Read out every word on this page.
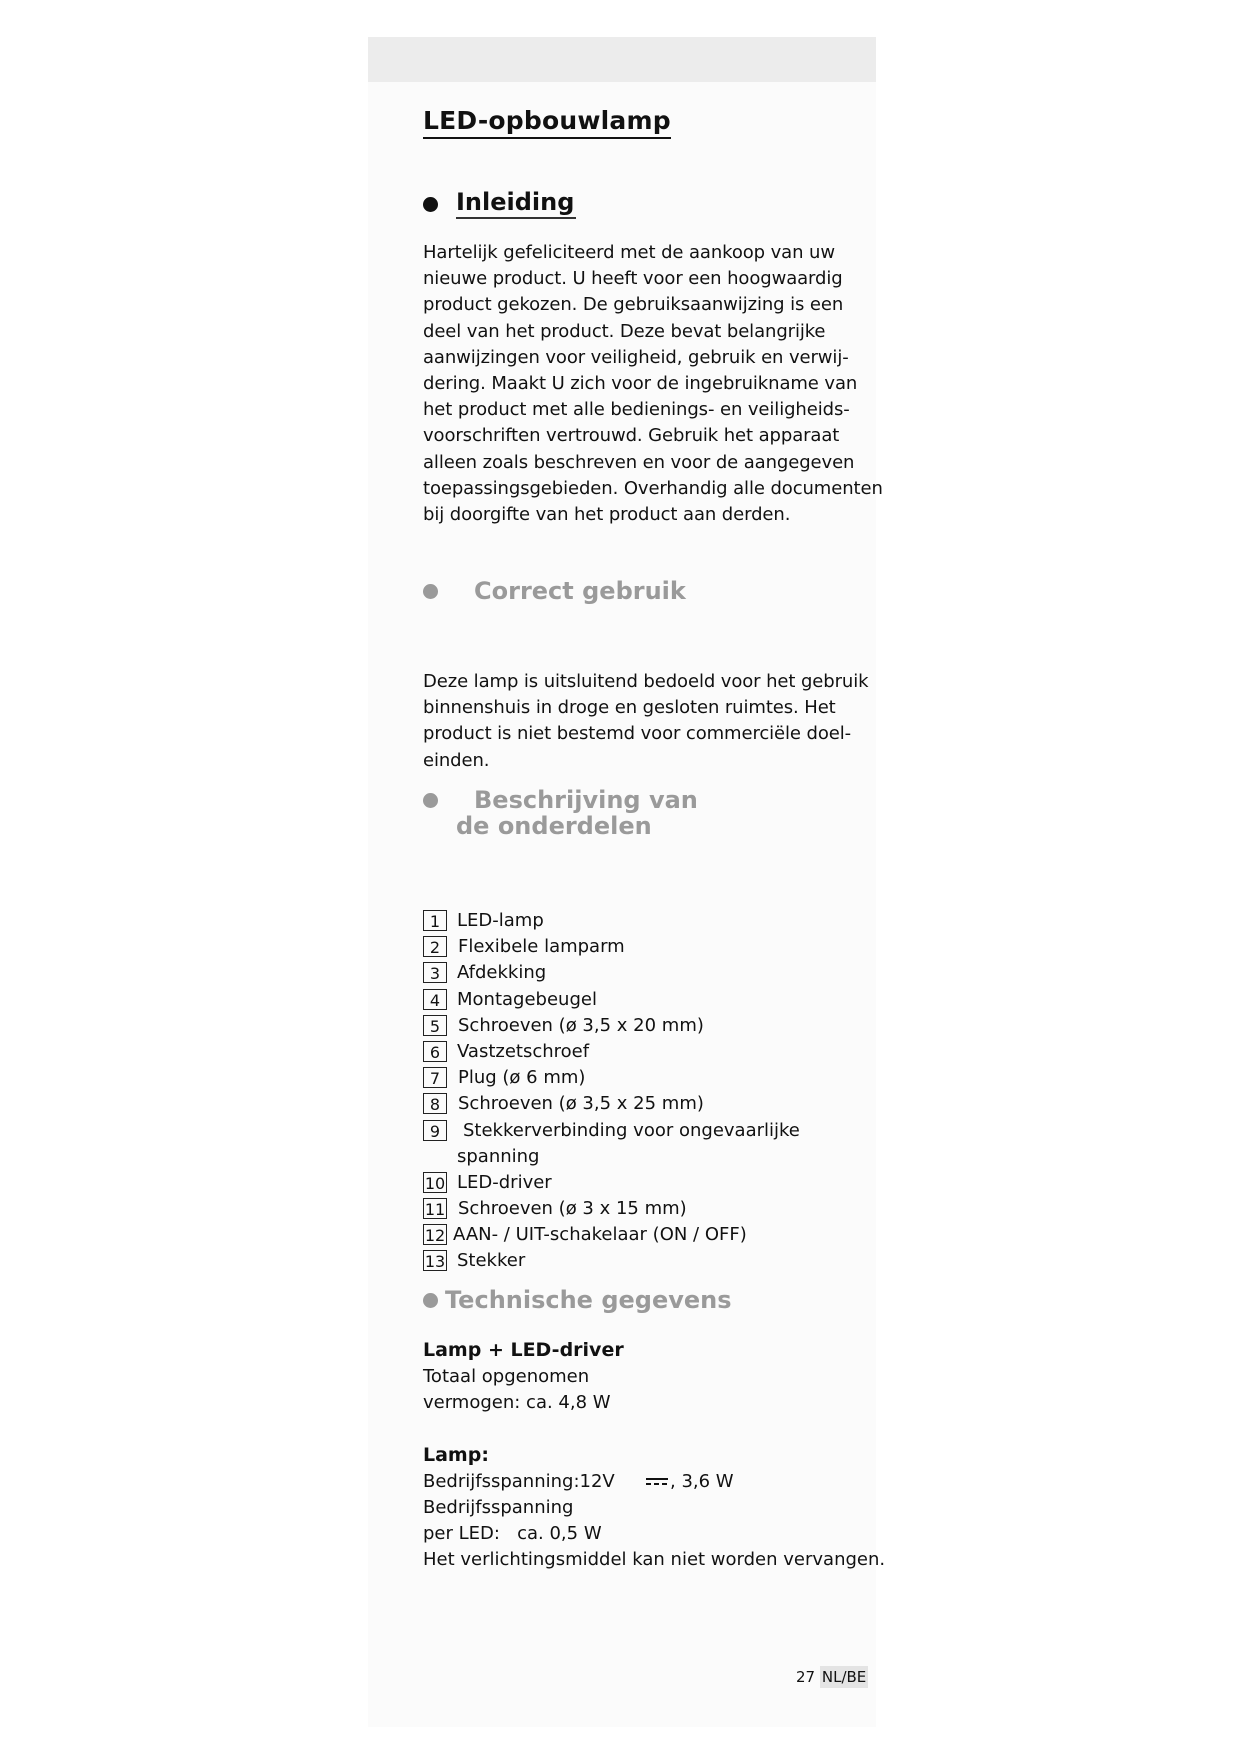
LED-opbouwlamp
Inleiding
Hartelijk gefeliciteerd met de aankoop van uw
nieuwe product. U heeft voor een hoogwaardig
product gekozen. De gebruiksaanwijzing is een
deel van het product. Deze bevat belangrijke
aanwijzingen voor veiligheid, gebruik en verwij-
dering. Maakt U zich voor de ingebruikname van
het product met alle bedienings- en veiligheids-
voorschriften vertrouwd. Gebruik het apparaat
alleen zoals beschreven en voor de aangegeven
toepassingsgebieden. Overhandig alle documenten
bij doorgifte van het product aan derden.
Correct gebruik
Deze lamp is uitsluitend bedoeld voor het gebruik
binnenshuis in droge en gesloten ruimtes. Het
product is niet bestemd voor commerciële doel-
einden.
Beschrijving van
de onderdelen
1 LED-lamp
2 Flexibele lamparm
3 Afdekking
4 Montagebeugel
5 Schroeven (ø 3,5 x 20 mm)
6 Vastzetschroef
7 Plug (ø 6 mm)
8 Schroeven (ø 3,5 x 25 mm)
9	Stekkerverbinding voor ongevaarlijke
spanning
10 LED-driver
11 Schroeven (ø 3 x 15 mm)
12 AAN- / UIT-schakelaar (ON / OFF)
13 Stekker
Technische gegevens
Lamp + LED-driver
Totaal opgenomen
vermogen: ca. 4,8 W
Lamp:
Bedrijfsspanning:12V	, 3,6 W
Bedrijfsspanning
per LED:   ca. 0,5 W
Het verlichtingsmiddel kan niet worden vervangen.
27 NL/BE
